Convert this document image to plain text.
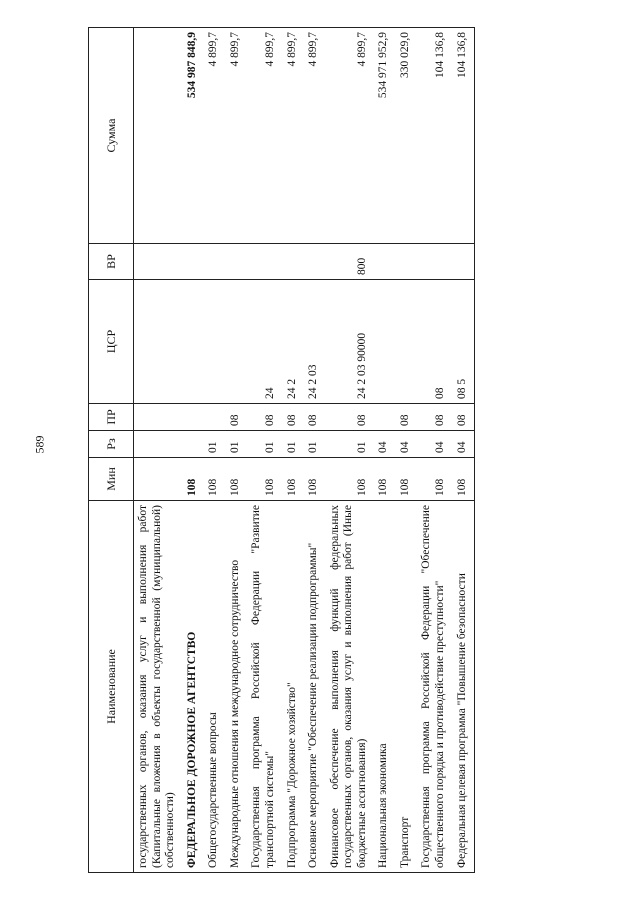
589
Наименование	Мин	Рз	ПР	ЦСР	ВР	Сумма
государственных органов, оказания услуг и выполнения работ (Капитальные вложения в объекты государственной (муниципальной) собственности)						
ФЕДЕРАЛЬНОЕ ДОРОЖНОЕ АГЕНТСТВО	108					534 987 848,9
Общегосударственные вопросы	108	01				4 899,7
Международные отношения и международное сотрудничество	108	01	08			4 899,7
Государственная программа Российской Федерации "Развитие транспортной системы"	108	01	08	24		4 899,7
Подпрограмма "Дорожное хозяйство"	108	01	08	24 2		4 899,7
Основное мероприятие "Обеспечение реализации подпрограммы"	108	01	08	24 2 03		4 899,7
Финансовое обеспечение выполнения функций федеральных государственных органов, оказания услуг и выполнения работ (Иные бюджетные ассигнования)	108	01	08	24 2 03 90000	800	4 899,7
Национальная экономика	108	04				534 971 952,9
Транспорт	108	04	08			330 029,0
Государственная программа Российской Федерации "Обеспечение общественного порядка и противодействие преступности"	108	04	08	08		104 136,8
Федеральная целевая программа "Повышение безопасности	108	04	08	08 5		104 136,8
